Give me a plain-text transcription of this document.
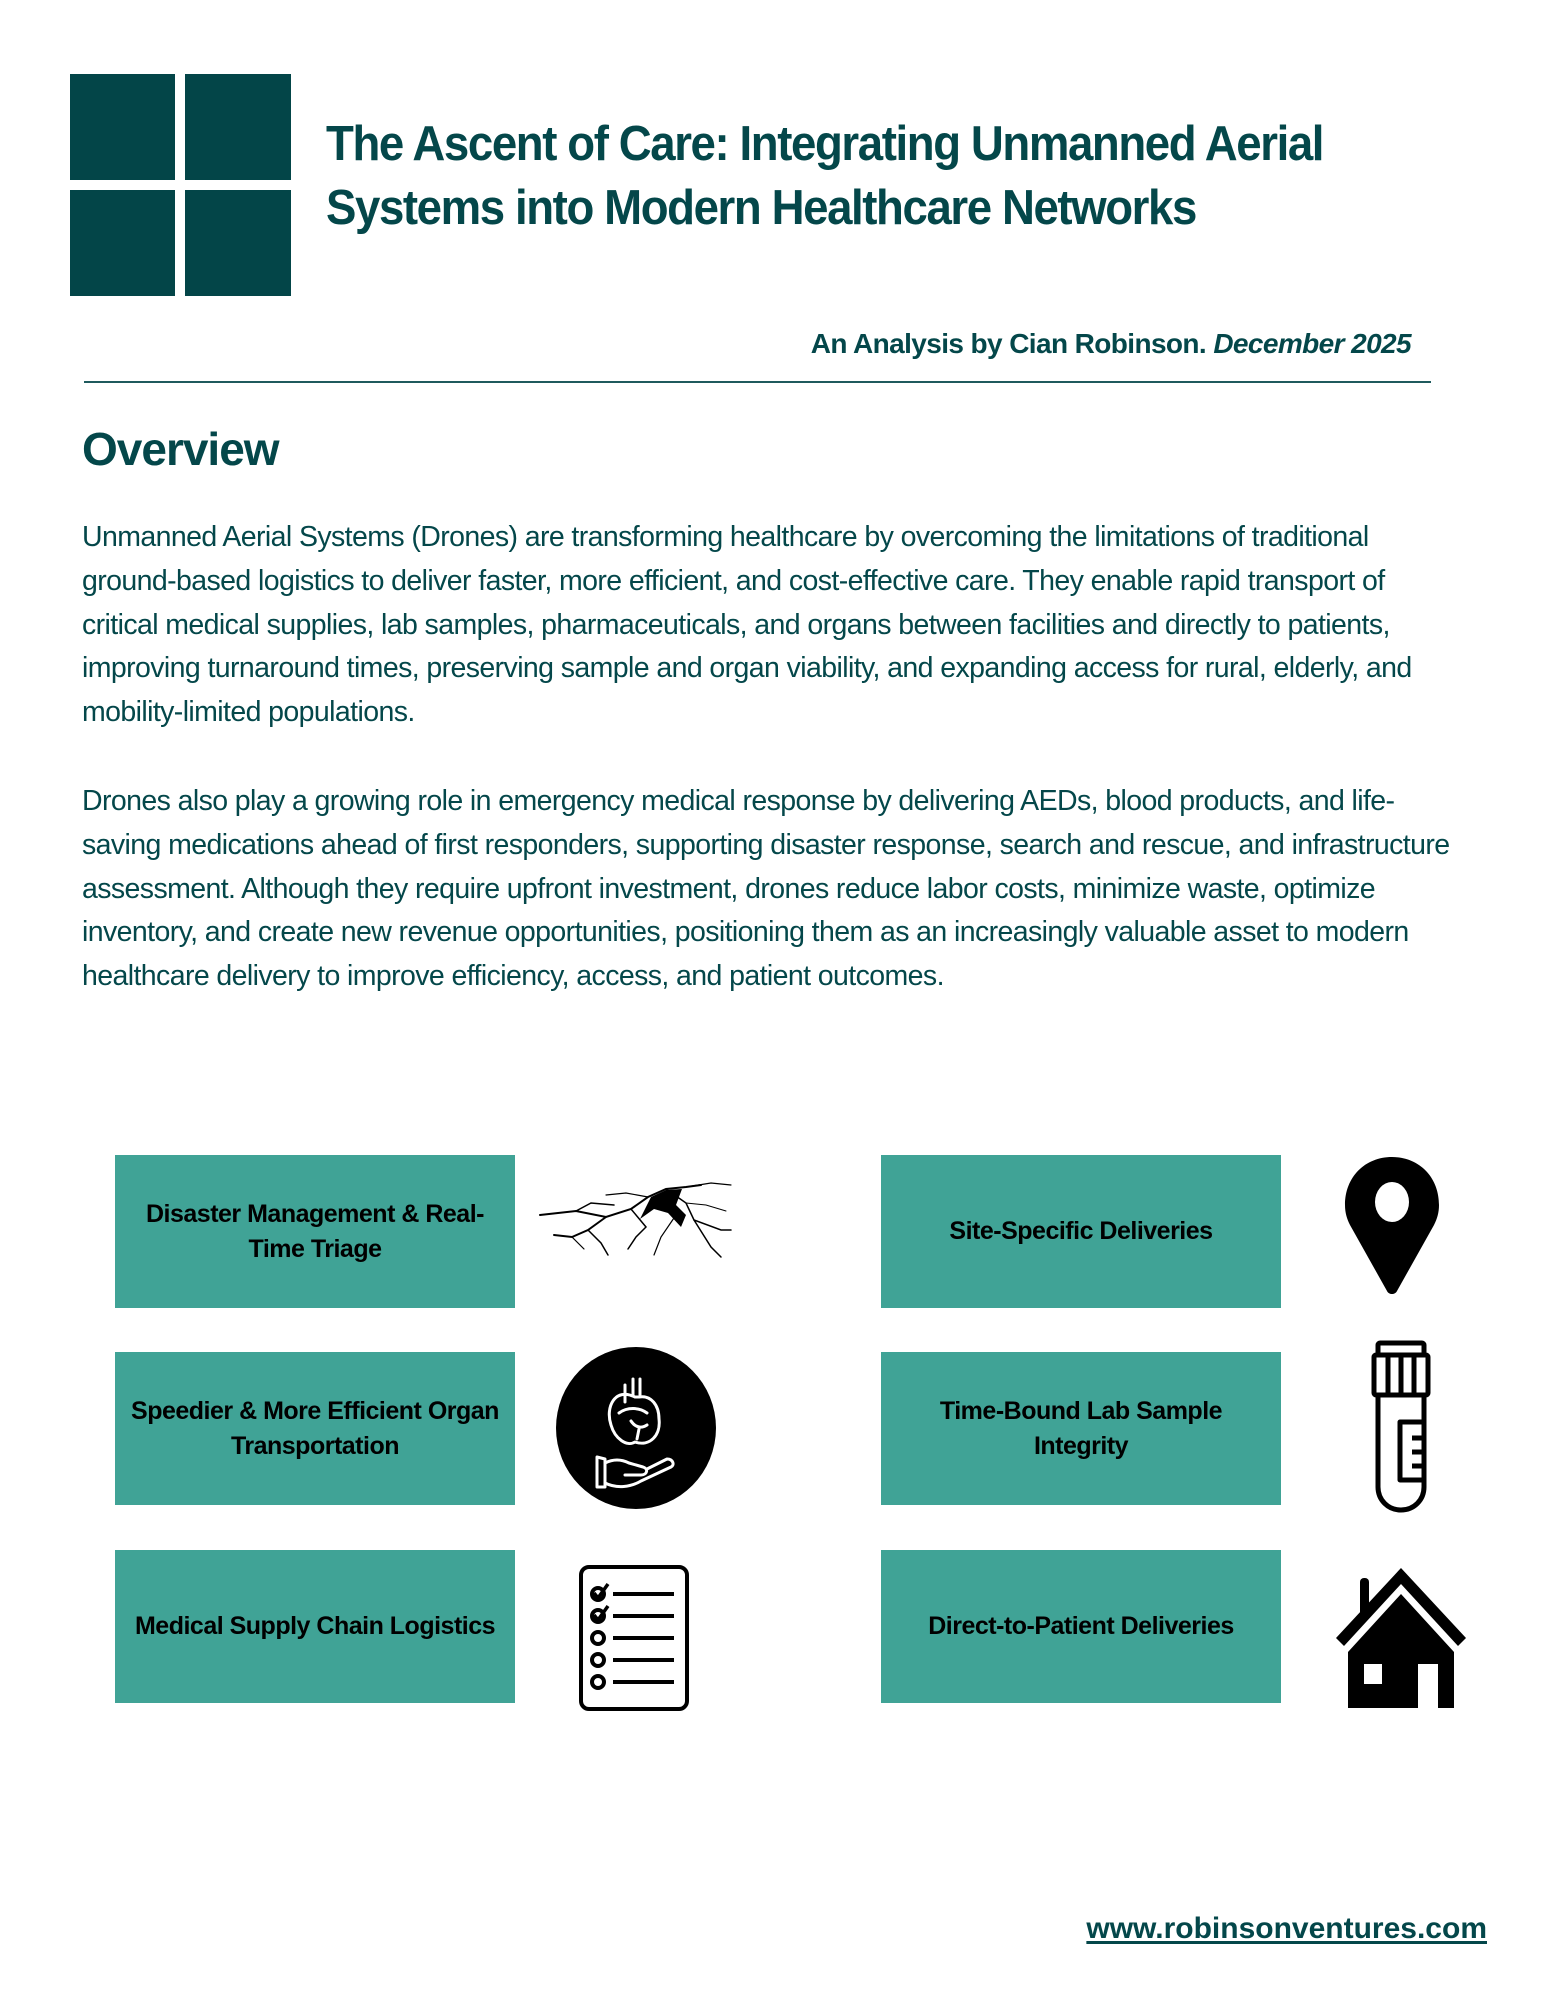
The Ascent of Care: Integrating Unmanned Aerial Systems into Modern Healthcare Networks
An Analysis by Cian Robinson. December 2025
Overview

Unmanned Aerial Systems (Drones) are transforming healthcare by overcoming the limitations of traditional ground-based logistics to deliver faster, more efficient, and cost-effective care. They enable rapid transport of critical medical supplies, lab samples, pharmaceuticals, and organs between facilities and directly to patients, improving turnaround times, preserving sample and organ viability, and expanding access for rural, elderly, and mobility-limited populations.

Drones also play a growing role in emergency medical response by delivering AEDs, blood products, and life-saving medications ahead of first responders, supporting disaster response, search and rescue, and infrastructure assessment. Although they require upfront investment, drones reduce labor costs, minimize waste, optimize inventory, and create new revenue opportunities, positioning them as an increasingly valuable asset to modern healthcare delivery to improve efficiency, access, and patient outcomes.

Disaster Management & Real-Time Triage
Speedier & More Efficient Organ Transportation
Medical Supply Chain Logistics
Site-Specific Deliveries
Time-Bound Lab Sample Integrity
Direct-to-Patient Deliveries
www.robinsonventures.com
